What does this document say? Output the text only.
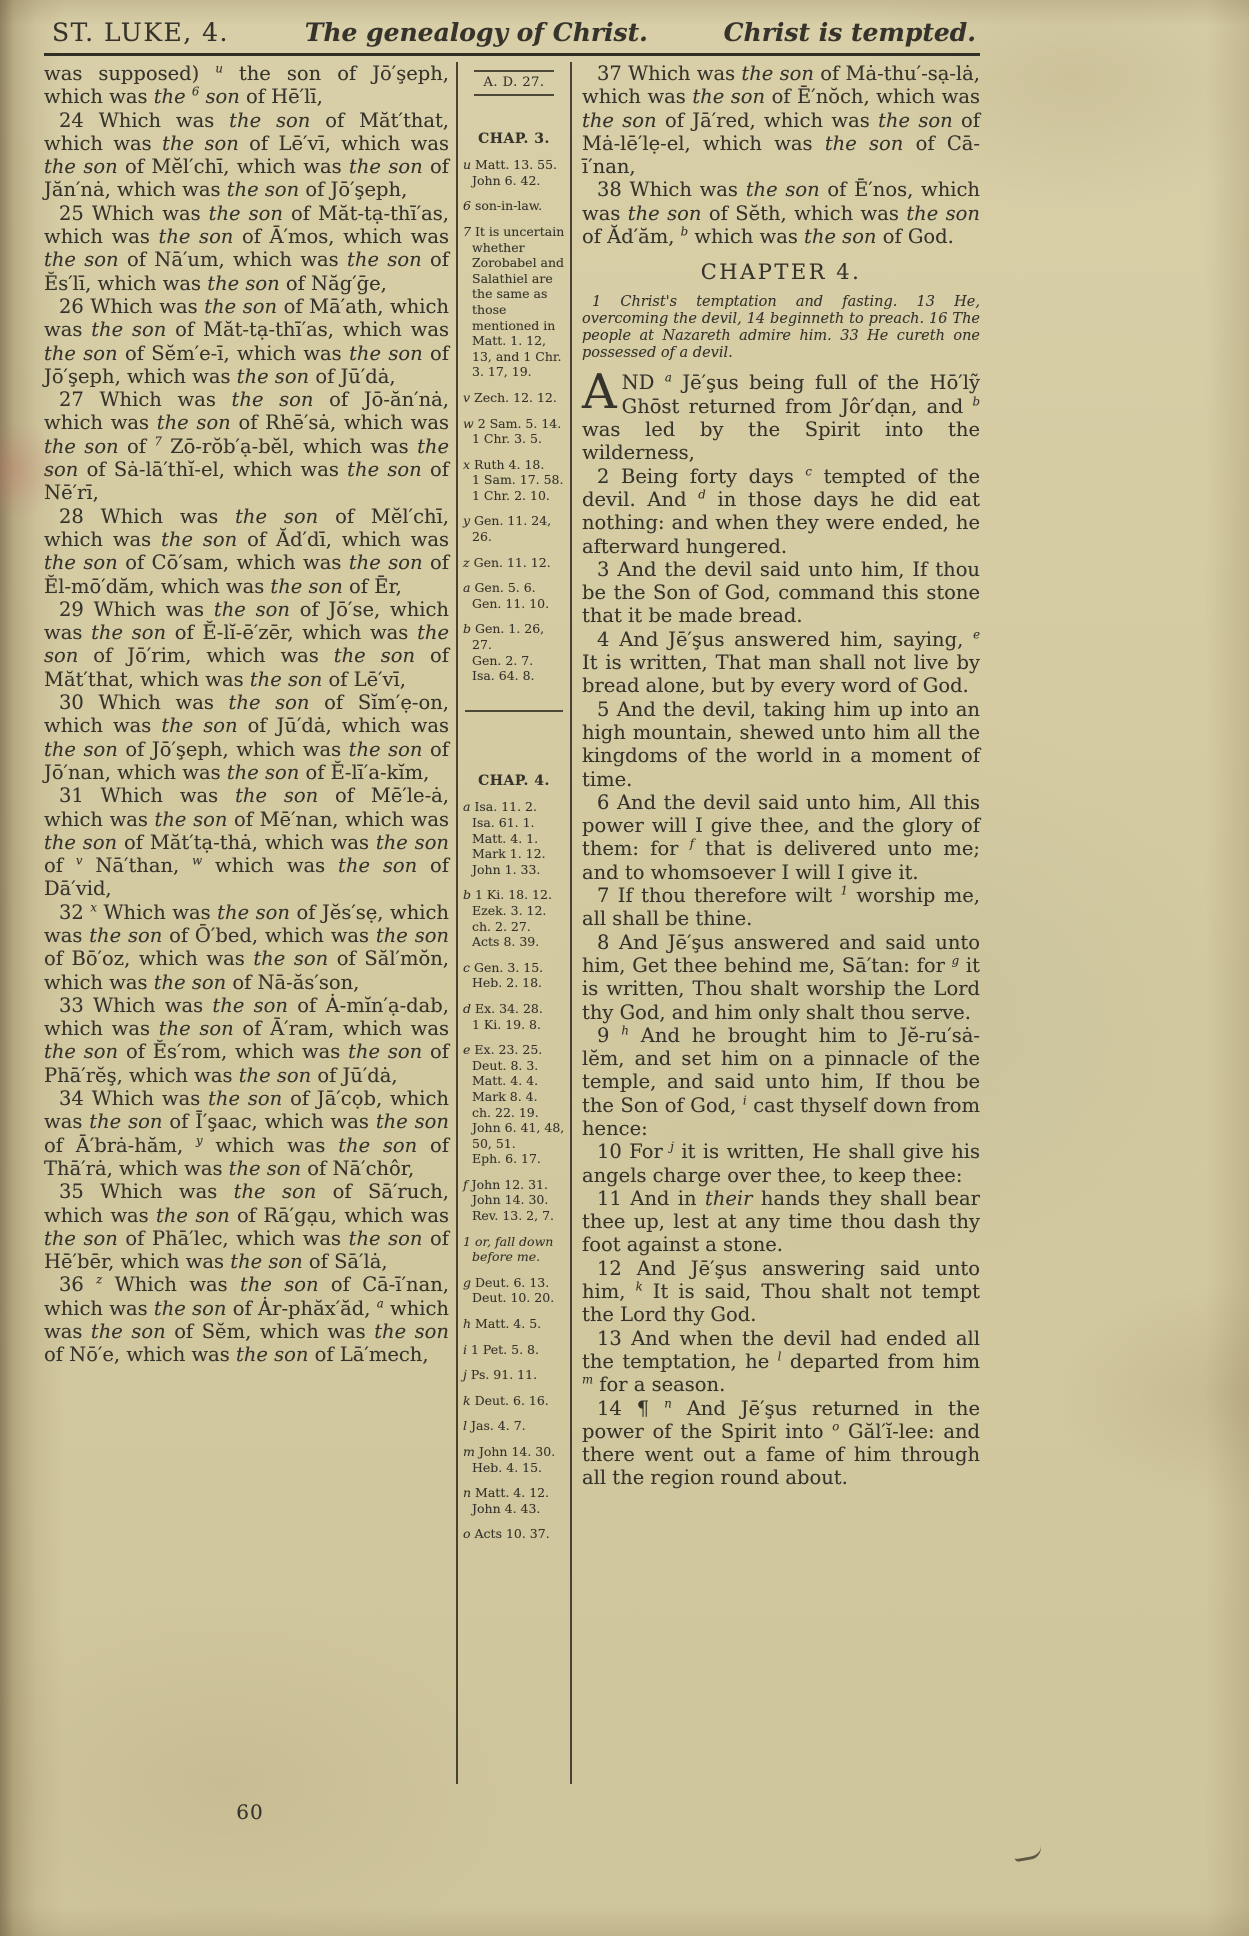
ST. LUKE, 4.	The genealogy of Christ.	Christ is tempted.

was supposed) $^u$ the son of Jō′şeph, which was the $^6$ son of Hē′lī,

24 Which was the son of Măt′that, which was the son of Lē′vī, which was the son of Mĕl′chī, which was the son of Jăn′nȧ, which was the son of Jō′şeph,

25 Which was the son of Măt-tạ-thī′as, which was the son of Ā′mos, which was the son of Nā′um, which was the son of Ĕs′lī, which was the son of Năg′ḡe,

26 Which was the son of Mā′ath, which was the son of Măt-tạ-thī′as, which was the son of Sĕm′e-ī, which was the son of Jō′şeph, which was the son of Jū′dȧ,

27 Which was the son of Jō-ăn′nȧ, which was the son of Rhē′sȧ, which was the son of $^7$ Zō-rŏb′ạ-bĕl, which was the son of Sȧ-lā′thĭ-el, which was the son of Nē′rī,

28 Which was the son of Mĕl′chī, which was the son of Ăd′dī, which was the son of Cō′sam, which was the son of Ĕl-mō′dăm, which was the son of Ēr,

29 Which was the son of Jō′se, which was the son of Ĕ-lĭ-ē′zēr, which was the son of Jō′rim, which was the son of Măt′that, which was the son of Lē′vī,

30 Which was the son of Sĭm′ẹ-on, which was the son of Jū′dȧ, which was the son of Jō′şeph, which was the son of Jō′nan, which was the son of Ĕ-lī′a-kĭm,

31 Which was the son of Mē′le-ȧ, which was the son of Mē′nan, which was the son of Măt′tạ-thȧ, which was the son of $^v$ Nā′than, $^w$ which was the son of Dā′vid,

32 $^x$ Which was the son of Jĕs′sẹ, which was the son of Ō′bed, which was the son of Bō′oz, which was the son of Săl′mŏn, which was the son of Nā-ăs′son,

33 Which was the son of Ȧ-mĭn′ạ-dab, which was the son of Ā′ram, which was the son of Ĕs′rom, which was the son of Phā′rĕş, which was the son of Jū′dȧ,

34 Which was the son of Jā′cọb, which was the son of Ī′şaac, which was the son of Ā′brȧ-hăm, $^y$ which was the son of Thā′rȧ, which was the son of Nā′chôr,

35 Which was the son of Sā′ruch, which was the son of Rā′gạu, which was the son of Phā′lec, which was the son of Hē′bēr, which was the son of Sā′lȧ,

36 $^z$ Which was the son of Cā-ī′nan, which was the son of Ȧr-phăx′ăd, $^a$ which was the son of Sĕm, which was the son of Nō′e, which was the son of Lā′mech,

A. D. 27.
CHAP. 3.

u Matt. 13. 55.
John 6. 42.

6 son-in-law.

7 It is uncertain whether Zorobabel and Salathiel are the same as those mentioned in Matt. 1. 12, 13, and 1 Chr. 3. 17, 19.

v Zech. 12. 12.

w 2 Sam. 5. 14.
1 Chr. 3. 5.

x Ruth 4. 18.
1 Sam. 17. 58.
1 Chr. 2. 10.

y Gen. 11. 24, 26.

z Gen. 11. 12.

a Gen. 5. 6.
Gen. 11. 10.

b Gen. 1. 26, 27.
Gen. 2. 7.
Isa. 64. 8.

CHAP. 4.

a Isa. 11. 2.
Isa. 61. 1.
Matt. 4. 1.
Mark 1. 12.
John 1. 33.

b 1 Ki. 18. 12.
Ezek. 3. 12.
ch. 2. 27.
Acts 8. 39.

c Gen. 3. 15.
Heb. 2. 18.

d Ex. 34. 28.
1 Ki. 19. 8.

e Ex. 23. 25.
Deut. 8. 3.
Matt. 4. 4.
Mark 8. 4.
ch. 22. 19.
John 6. 41, 48, 50, 51.
Eph. 6. 17.

f John 12. 31.
John 14. 30.
Rev. 13. 2, 7.

1 or, fall down before me.

g Deut. 6. 13.
Deut. 10. 20.

h Matt. 4. 5.

i 1 Pet. 5. 8.

j Ps. 91. 11.

k Deut. 6. 16.

l Jas. 4. 7.

m John 14. 30.
Heb. 4. 15.

n Matt. 4. 12.
John 4. 43.

o Acts 10. 37.

37 Which was the son of Mȧ-thu′-sạ-lȧ, which was the son of Ē′nŏch, which was the son of Jā′red, which was the son of Mȧ-lē′lẹ-el, which was the son of Cā-ī′nan,

38 Which was the son of Ē′nos, which was the son of Sĕth, which was the son of Ăd′ăm, $^b$ which was the son of God.

CHAPTER 4.

1 Christ's temptation and fasting. 13 He, overcoming the devil, 14 beginneth to preach. 16 The people at Nazareth admire him. 33 He cureth one possessed of a devil.

AND $^a$ Jē′şus being full of the Hō′lỹ Ghōst returned from Jôr′dạn, and $^b$ was led by the Spirit into the wilderness,

2 Being forty days $^c$ tempted of the devil. And $^d$ in those days he did eat nothing: and when they were ended, he afterward hungered.

3 And the devil said unto him, If thou be the Son of God, command this stone that it be made bread.

4 And Jē′şus answered him, saying, $^e$ It is written, That man shall not live by bread alone, but by every word of God.

5 And the devil, taking him up into an high mountain, shewed unto him all the kingdoms of the world in a moment of time.

6 And the devil said unto him, All this power will I give thee, and the glory of them: for $^f$ that is delivered unto me; and to whomsoever I will I give it.

7 If thou therefore wilt $^1$ worship me, all shall be thine.

8 And Jē′şus answered and said unto him, Get thee behind me, Sā′tan: for $^g$ it is written, Thou shalt worship the Lord thy God, and him only shalt thou serve.

9 $^h$ And he brought him to Jĕ-ru′sȧ-lĕm, and set him on a pinnacle of the temple, and said unto him, If thou be the Son of God, $^i$ cast thyself down from hence:

10 For $^j$ it is written, He shall give his angels charge over thee, to keep thee:

11 And in their hands they shall bear thee up, lest at any time thou dash thy foot against a stone.

12 And Jē′şus answering said unto him, $^k$ It is said, Thou shalt not tempt the Lord thy God.

13 And when the devil had ended all the temptation, he $^l$ departed from him $^m$ for a season.

14 ¶ $^n$ And Jē′şus returned in the power of the Spirit into $^o$ Găl′ĭ-lee: and there went out a fame of him through all the region round about.

60
